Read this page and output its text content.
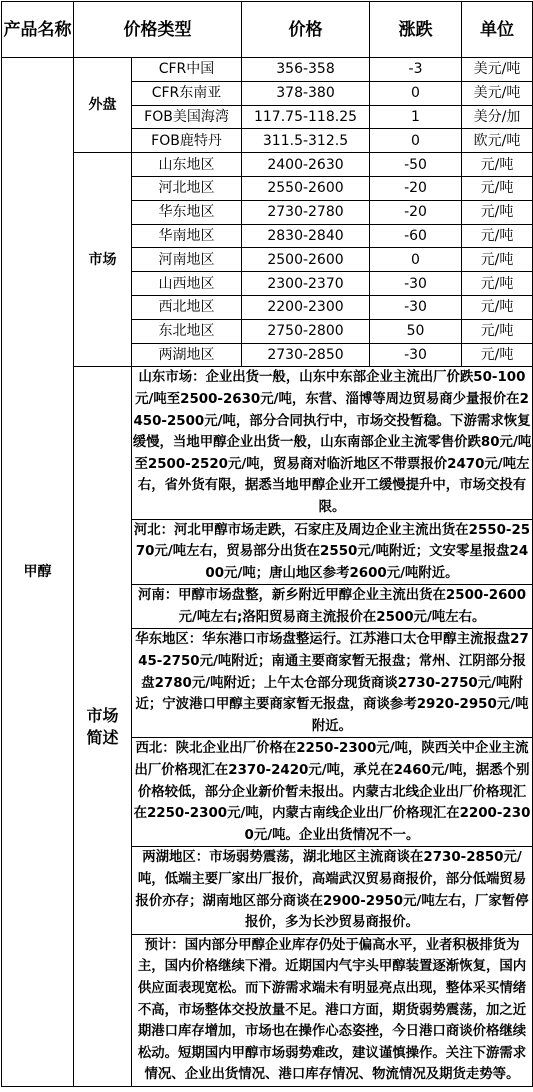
产品名称	价格类型		价格	涨跌	单位
甲醇	外盘	CFR中国	356-358	-3	美元/吨
		CFR东南亚	378-380	0	美元/吨
		FOB美国海湾	117.75-118.25	1	美分/加
		FOB鹿特丹	311.5-312.5	0	欧元/吨
	市场	山东地区	2400-2630	-50	元/吨
		河北地区	2550-2600	-20	元/吨
		华东地区	2730-2780	-20	元/吨
		华南地区	2830-2840	-60	元/吨
		河南地区	2500-2600	0	元/吨
		山西地区	2300-2370	-30	元/吨
		西北地区	2200-2300	-30	元/吨
		东北地区	2750-2800	50	元/吨
		两湖地区	2730-2850	-30	元/吨
	市场简述	山东市场：企业出货一般，山东中东部企业主流出厂价跌50-100元/吨至2500-2630元/吨，东营、淄博等周边贸易商少量报价在2450-2500元/吨，部分合同执行中，市场交投暂稳。下游需求恢复缓慢，当地甲醇企业出货一般，山东南部企业主流零售价跌80元/吨至2500-2520元/吨，贸易商对临沂地区不带票报价2470元/吨左右，省外货有限，据悉当地甲醇企业开工缓慢提升中，市场交投有限。			
		河北：河北甲醇市场走跌，石家庄及周边企业主流出货在2550-2570元/吨左右，贸易部分出货在2550元/吨附近；文安零星报盘2400元/吨；唐山地区参考2600元/吨附近。			
		河南：甲醇市场盘整，新乡附近甲醇企业主流出货在2500-2600元/吨左右;洛阳贸易商主流报价在2500元/吨左右。			
		华东地区：华东港口市场盘整运行。江苏港口太仓甲醇主流报盘2745-2750元/吨附近；南通主要商家暂无报盘；常州、江阴部分报盘2780元/吨附近；上午太仓部分现货商谈2730-2750元/吨附近；宁波港口甲醇主要商家暂无报盘，商谈参考2920-2950元/吨附近。			
		西北：陕北企业出厂价格在2250-2300元/吨，陕西关中企业主流出厂价格现汇在2370-2420元/吨，承兑在2460元/吨，据悉个别价格较低，部分企业新价暂未报出。内蒙古北线企业出厂价格现汇在2250-2300元/吨，内蒙古南线企业出厂价格现汇在2200-2300元/吨。企业出货情况不一。			
		两湖地区：市场弱势震荡，湖北地区主流商谈在2730-2850元/吨，低端主要厂家出厂报价，高端武汉贸易商报价，部分低端贸易报价亦存；湖南地区部分商谈在2900-2950元/吨左右，厂家暂停报价，多为长沙贸易商报价。			
		预计：国内部分甲醇企业库存仍处于偏高水平，业者积极排货为主，国内价格继续下滑。近期国内气宇头甲醇装置逐渐恢复，国内供应面表现宽松。而下游需求端未有明显亮点出现，整体采买情绪不高，市场整体交投放量不足。港口方面，期货弱势震荡，加之近期港口库存增加，市场也在操作心态姿挫，今日港口商谈价格继续松动。短期国内甲醇市场弱势难改，建议谨慎操作。关注下游需求情况、企业出货情况、港口库存情况、物流情况及期货走势等。			
